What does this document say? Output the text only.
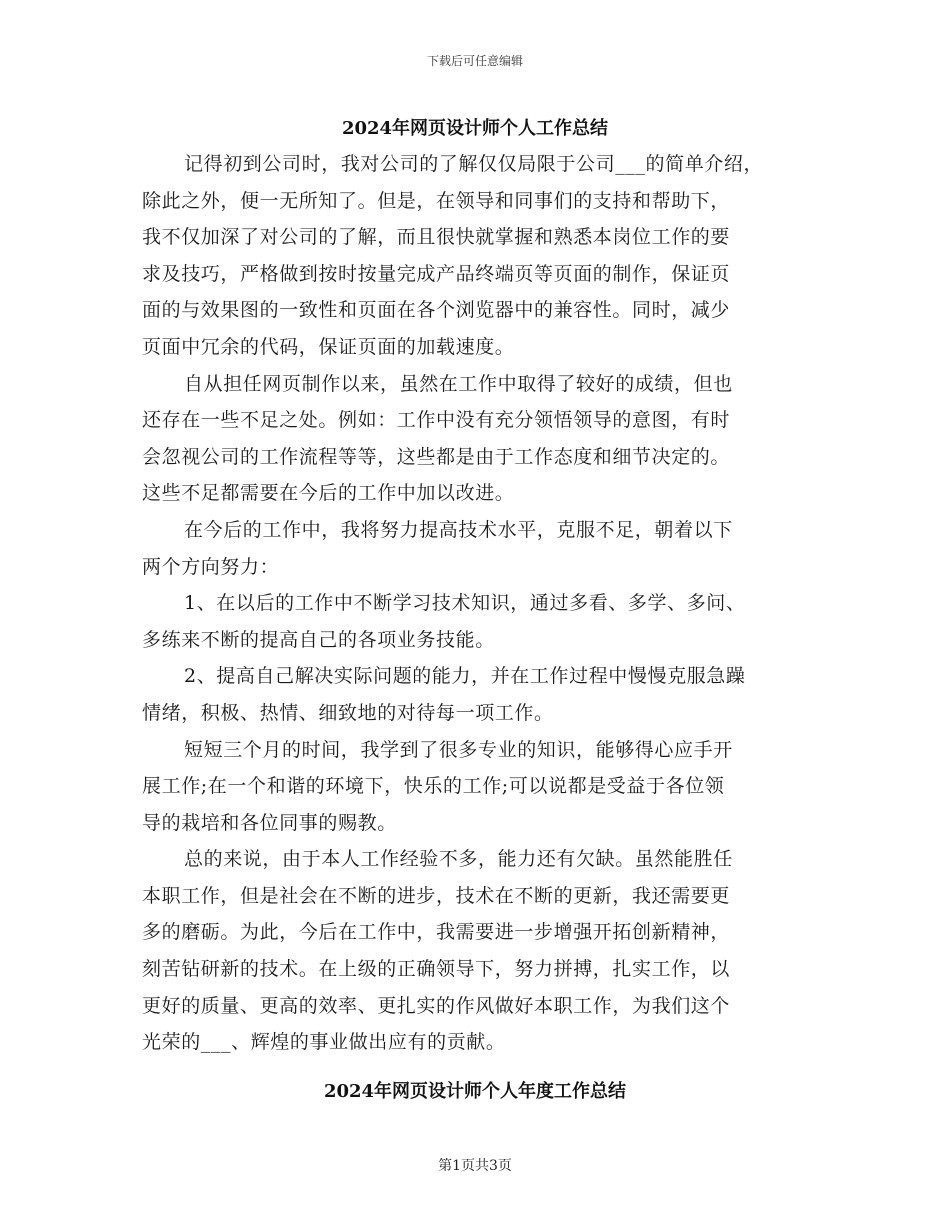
下载后可任意编辑
2024年网页设计师个人工作总结
记得初到公司时，我对公司的了解仅仅局限于公司___的简单介绍，
除此之外，便一无所知了。但是，在领导和同事们的支持和帮助下，
我不仅加深了对公司的了解，而且很快就掌握和熟悉本岗位工作的要
求及技巧，严格做到按时按量完成产品终端页等页面的制作，保证页
面的与效果图的一致性和页面在各个浏览器中的兼容性。同时，减少
页面中冗余的代码，保证页面的加载速度。
自从担任网页制作以来，虽然在工作中取得了较好的成绩，但也
还存在一些不足之处。例如：工作中没有充分领悟领导的意图，有时
会忽视公司的工作流程等等，这些都是由于工作态度和细节决定的。
这些不足都需要在今后的工作中加以改进。
在今后的工作中，我将努力提高技术水平，克服不足，朝着以下
两个方向努力：
1、在以后的工作中不断学习技术知识，通过多看、多学、多问、
多练来不断的提高自己的各项业务技能。
2、提高自己解决实际问题的能力，并在工作过程中慢慢克服急躁
情绪，积极、热情、细致地的对待每一项工作。
短短三个月的时间，我学到了很多专业的知识，能够得心应手开
展工作;在一个和谐的环境下，快乐的工作;可以说都是受益于各位领
导的栽培和各位同事的赐教。
总的来说，由于本人工作经验不多，能力还有欠缺。虽然能胜任
本职工作，但是社会在不断的进步，技术在不断的更新，我还需要更
多的磨砺。为此，今后在工作中，我需要进一步增强开拓创新精神，
刻苦钻研新的技术。在上级的正确领导下，努力拼搏，扎实工作，以
更好的质量、更高的效率、更扎实的作风做好本职工作，为我们这个
光荣的___、辉煌的事业做出应有的贡献。
2024年网页设计师个人年度工作总结
第1页共3页
